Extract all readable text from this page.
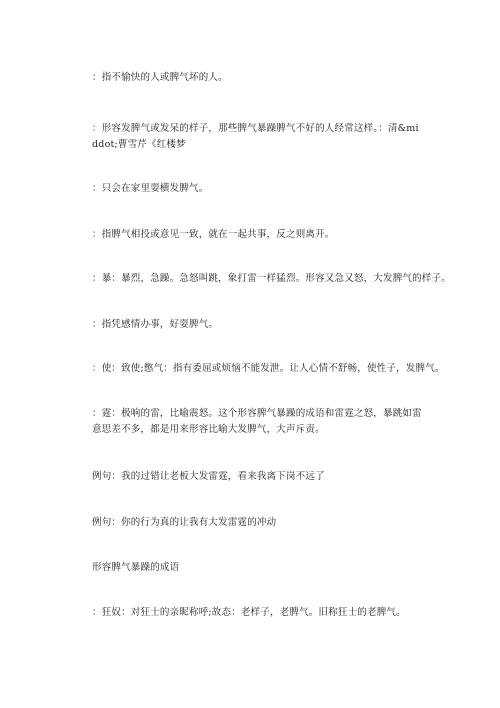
：指不愉快的人或脾气坏的人。

：形容发脾气或发呆的样子，那些脾气暴躁脾气不好的人经常这样。：清&middot;曹雪芹《红楼梦

：只会在家里耍横发脾气。

：指脾气相投或意见一致，就在一起共事，反之则离开。

：暴：暴烈，急躁。急怒叫跳，象打雷一样猛烈。形容又急又怒，大发脾气的样子。

：指凭感情办事，好耍脾气。

：使：致使;憋气：指有委屈或烦恼不能发泄。让人心情不舒畅，使性子，发脾气。

：霆：极响的雷，比喻震怒。这个形容脾气暴躁的成语和雷霆之怒，暴跳如雷意思差不多，都是用来形容比喻大发脾气，大声斥责。

例句：我的过错让老板大发雷霆，看来我离下岗不远了

例句：你的行为真的让我有大发雷霆的冲动

形容脾气暴躁的成语

：狂奴：对狂士的亲昵称呼;故态：老样子，老脾气。旧称狂士的老脾气。
